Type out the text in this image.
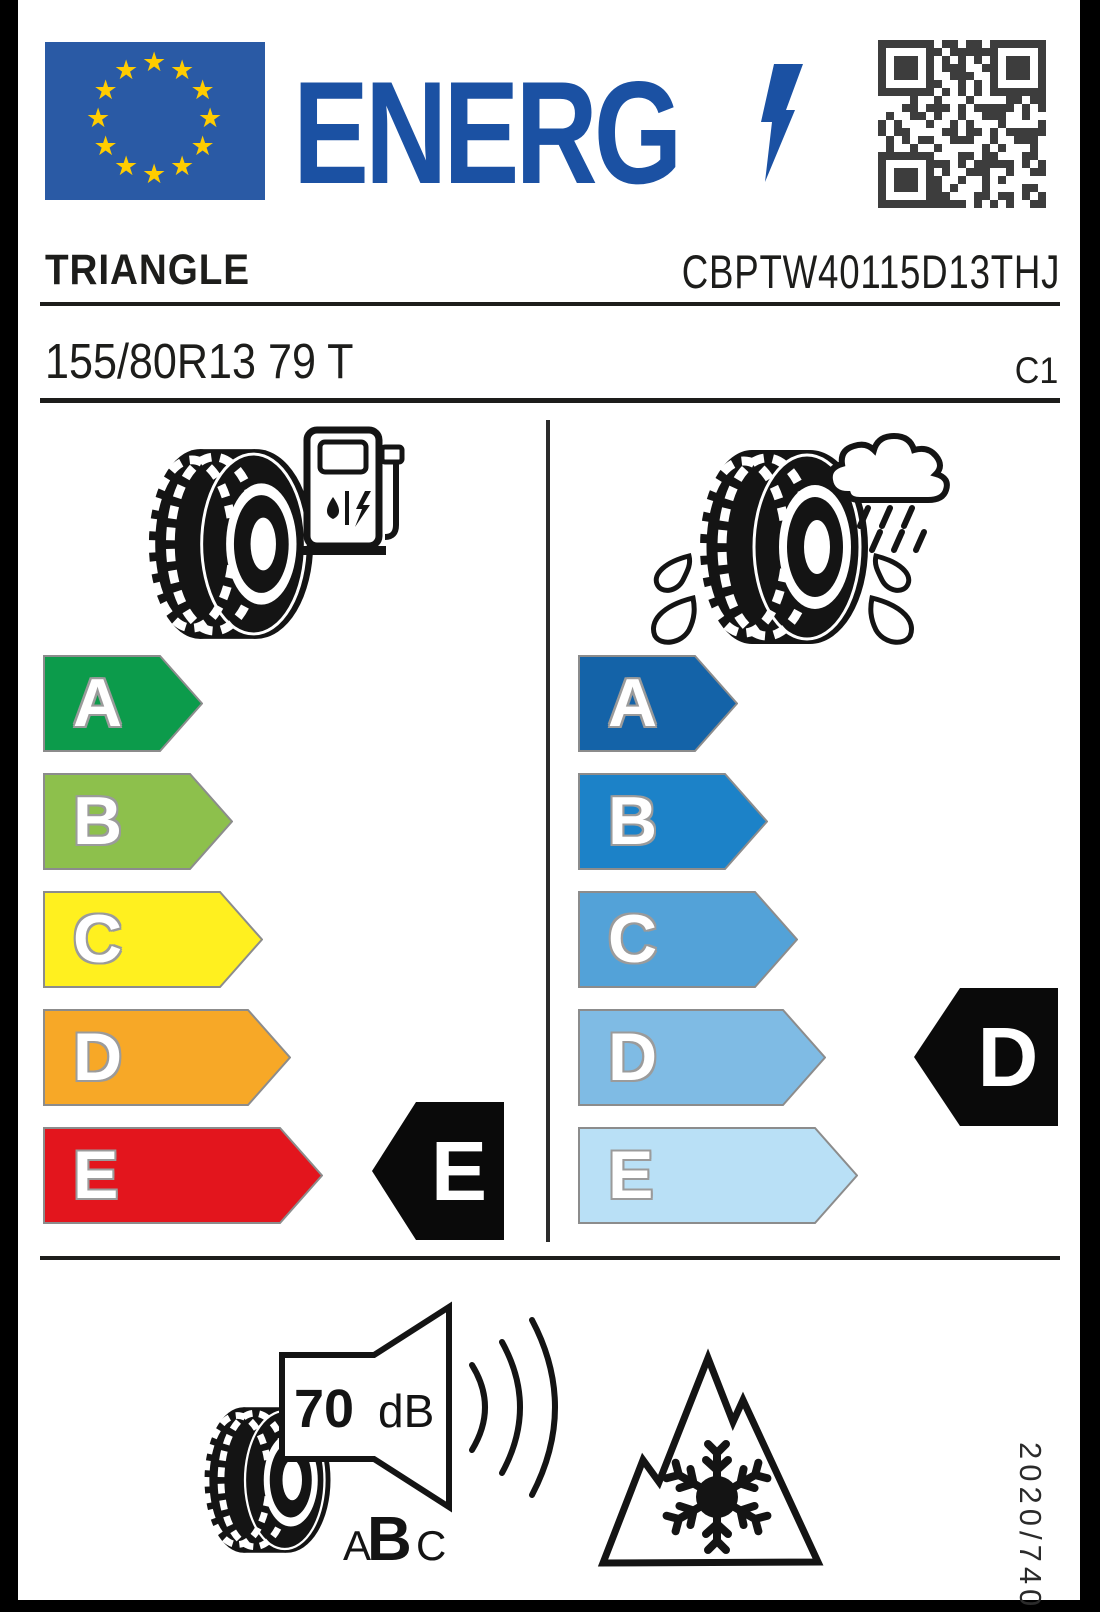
★ ★
★
★
★
★
★
★
★
★
★
★ ENERG
TRIANGLE	CBPTW40115D13THJ
155/80R13 79 T	C1
A
B
C
D
E
A
B
C
D
E
E
D
70 dB
A
B C	2020/740
